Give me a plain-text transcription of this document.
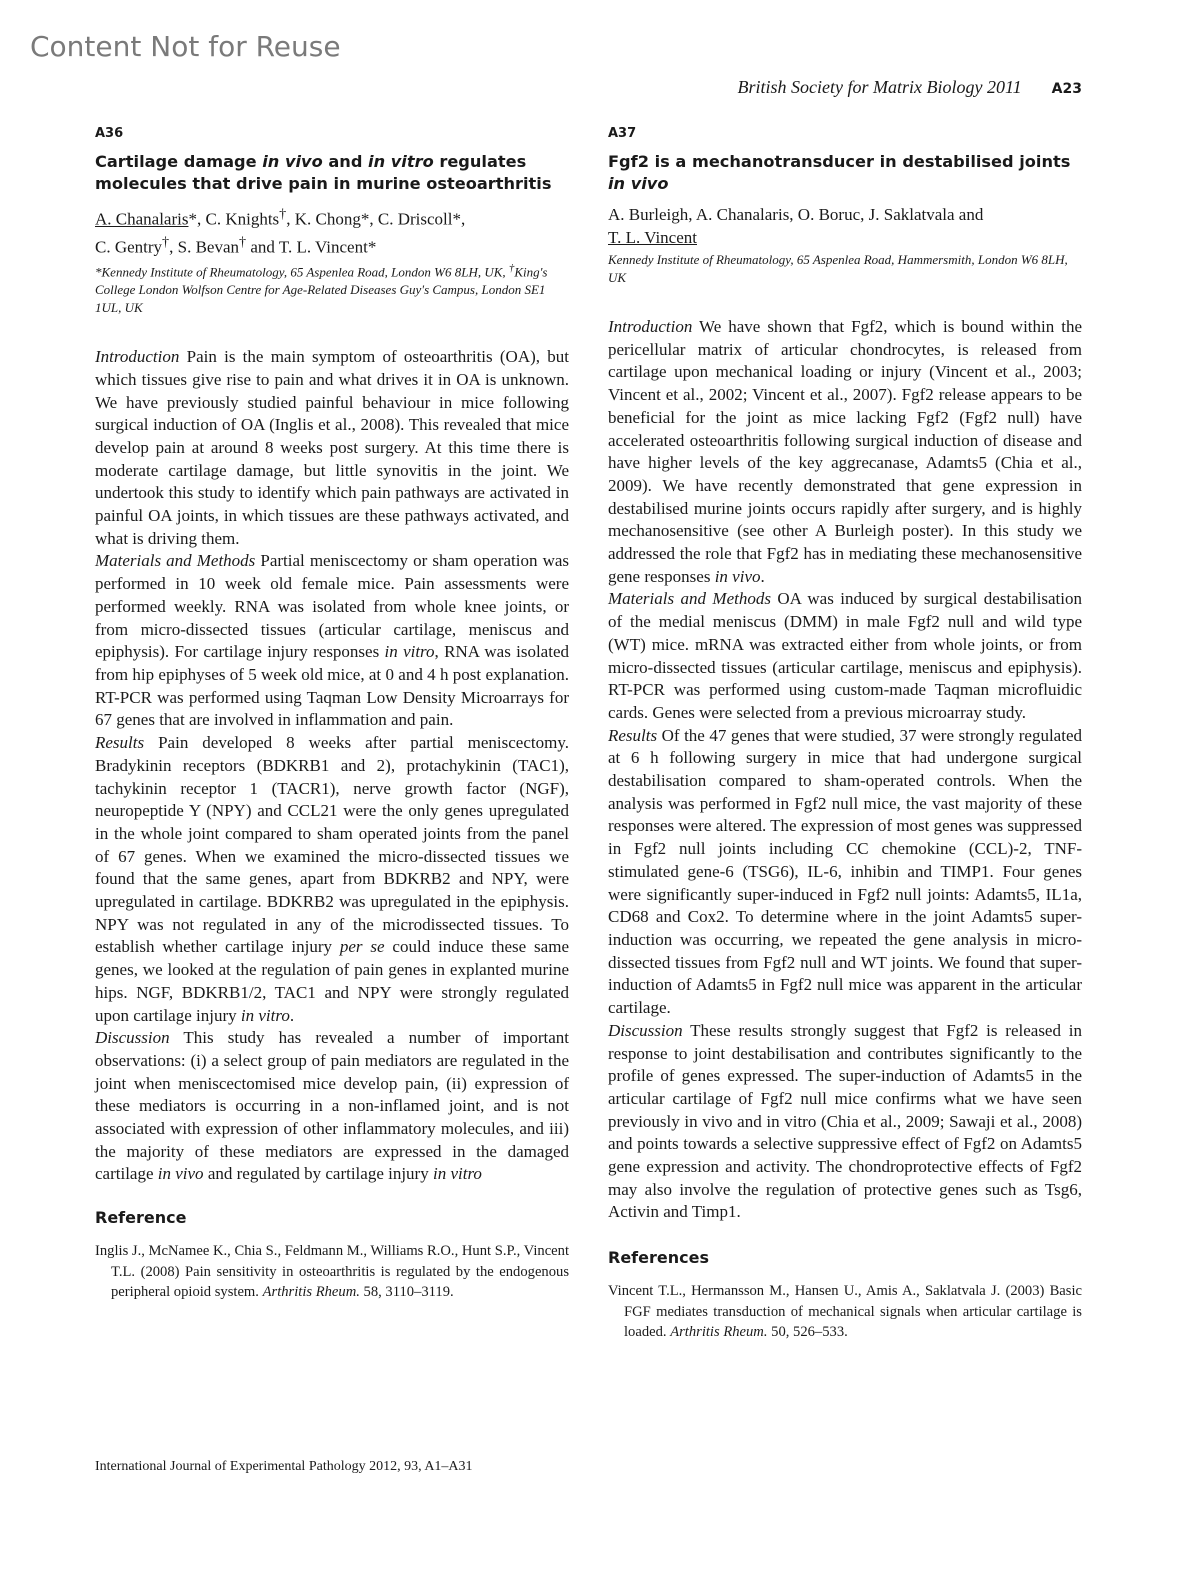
Content Not for Reuse
British Society for Matrix Biology 2011 A23

A36

Cartilage damage in vivo and in vitro regulates molecules that drive pain in murine osteoarthritis

A. Chanalaris*, C. Knights†, K. Chong*, C. Driscoll*,
C. Gentry†, S. Bevan† and T. L. Vincent*

*Kennedy Institute of Rheumatology, 65 Aspenlea Road, London W6 8LH, UK, †King's College London Wolfson Centre for Age-Related Diseases Guy's Campus, London SE1 1UL, UK

Introduction Pain is the main symptom of osteoarthritis (OA), but which tissues give rise to pain and what drives it in OA is unknown. We have previously studied painful behaviour in mice following surgical induction of OA (Inglis et al., 2008). This revealed that mice develop pain at around 8 weeks post surgery. At this time there is moderate cartilage damage, but little synovitis in the joint. We undertook this study to identify which pain pathways are activated in painful OA joints, in which tissues are these pathways activated, and what is driving them.
Materials and Methods Partial meniscectomy or sham operation was performed in 10 week old female mice. Pain assessments were performed weekly. RNA was isolated from whole knee joints, or from micro-dissected tissues (articular cartilage, meniscus and epiphysis). For cartilage injury responses in vitro, RNA was isolated from hip epiphyses of 5 week old mice, at 0 and 4 h post explanation. RT-PCR was performed using Taqman Low Density Microarrays for 67 genes that are involved in inflammation and pain.
Results Pain developed 8 weeks after partial meniscectomy. Bradykinin receptors (BDKRB1 and 2), protachykinin (TAC1), tachykinin receptor 1 (TACR1), nerve growth factor (NGF), neuropeptide Y (NPY) and CCL21 were the only genes upregulated in the whole joint compared to sham operated joints from the panel of 67 genes. When we examined the micro-dissected tissues we found that the same genes, apart from BDKRB2 and NPY, were upregulated in cartilage. BDKRB2 was upregulated in the epiphysis. NPY was not regulated in any of the microdissected tissues. To establish whether cartilage injury per se could induce these same genes, we looked at the regulation of pain genes in explanted murine hips. NGF, BDKRB1/2, TAC1 and NPY were strongly regulated upon cartilage injury in vitro.
Discussion This study has revealed a number of important observations: (i) a select group of pain mediators are regulated in the joint when meniscectomised mice develop pain, (ii) expression of these mediators is occurring in a non-inflamed joint, and is not associated with expression of other inflammatory molecules, and iii) the majority of these mediators are expressed in the damaged cartilage in vivo and regulated by cartilage injury in vitro

Reference

Inglis J., McNamee K., Chia S., Feldmann M., Williams R.O., Hunt S.P., Vincent T.L. (2008) Pain sensitivity in osteoarthritis is regulated by the endogenous peripheral opioid system. Arthritis Rheum. 58, 3110–3119.

A37

Fgf2 is a mechanotransducer in destabilised joints in vivo

A. Burleigh, A. Chanalaris, O. Boruc, J. Saklatvala and
T. L. Vincent

Kennedy Institute of Rheumatology, 65 Aspenlea Road, Hammersmith, London W6 8LH, UK

Introduction We have shown that Fgf2, which is bound within the pericellular matrix of articular chondrocytes, is released from cartilage upon mechanical loading or injury (Vincent et al., 2003; Vincent et al., 2002; Vincent et al., 2007). Fgf2 release appears to be beneficial for the joint as mice lacking Fgf2 (Fgf2 null) have accelerated osteoarthritis following surgical induction of disease and have higher levels of the key aggrecanase, Adamts5 (Chia et al., 2009). We have recently demonstrated that gene expression in destabilised murine joints occurs rapidly after surgery, and is highly mechanosensitive (see other A Burleigh poster). In this study we addressed the role that Fgf2 has in mediating these mechanosensitive gene responses in vivo.
Materials and Methods OA was induced by surgical destabilisation of the medial meniscus (DMM) in male Fgf2 null and wild type (WT) mice. mRNA was extracted either from whole joints, or from micro-dissected tissues (articular cartilage, meniscus and epiphysis). RT-PCR was performed using custom-made Taqman microfluidic cards. Genes were selected from a previous microarray study.
Results Of the 47 genes that were studied, 37 were strongly regulated at 6 h following surgery in mice that had undergone surgical destabilisation compared to sham-operated controls. When the analysis was performed in Fgf2 null mice, the vast majority of these responses were altered. The expression of most genes was suppressed in Fgf2 null joints including CC chemokine (CCL)-2, TNF-stimulated gene-6 (TSG6), IL-6, inhibin and TIMP1. Four genes were significantly super-induced in Fgf2 null joints: Adamts5, IL1a, CD68 and Cox2. To determine where in the joint Adamts5 super-induction was occurring, we repeated the gene analysis in micro-dissected tissues from Fgf2 null and WT joints. We found that super-induction of Adamts5 in Fgf2 null mice was apparent in the articular cartilage.
Discussion These results strongly suggest that Fgf2 is released in response to joint destabilisation and contributes significantly to the profile of genes expressed. The super-induction of Adamts5 in the articular cartilage of Fgf2 null mice confirms what we have seen previously in vivo and in vitro (Chia et al., 2009; Sawaji et al., 2008) and points towards a selective suppressive effect of Fgf2 on Adamts5 gene expression and activity. The chondroprotective effects of Fgf2 may also involve the regulation of protective genes such as Tsg6, Activin and Timp1.

References

Vincent T.L., Hermansson M., Hansen U., Amis A., Saklatvala J. (2003) Basic FGF mediates transduction of mechanical signals when articular cartilage is loaded. Arthritis Rheum. 50, 526–533.

International Journal of Experimental Pathology 2012, 93, A1–A31
